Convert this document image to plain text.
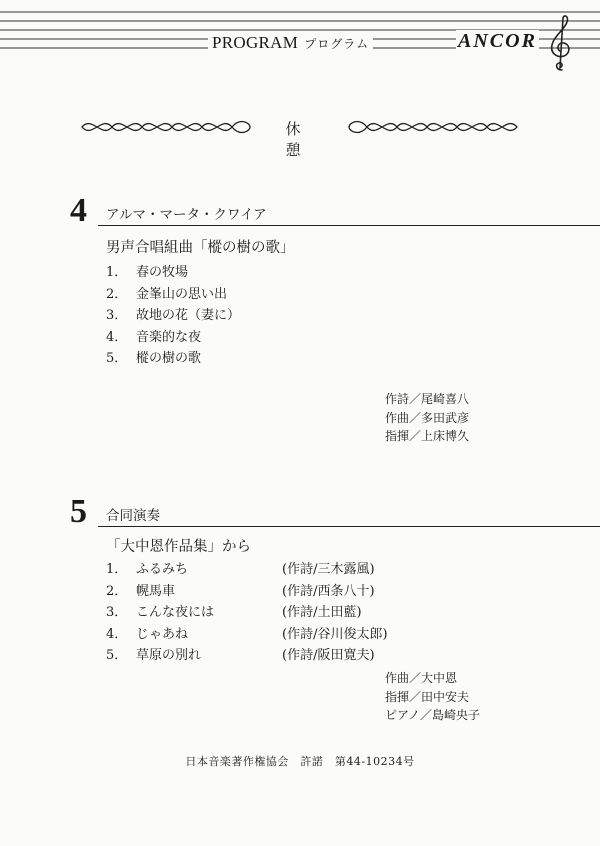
PROGRAM プログラム	ANCOR
休 憩
4 アルマ・マータ・クワイア
男声合唱組曲「樅の樹の歌」
1． 春の牧場
2． 金峯山の思い出
3． 故地の花（妻に）
4． 音楽的な夜
5． 樅の樹の歌
作詩／尾崎喜八
作曲／多田武彦
指揮／上床博久
5 合同演奏
「大中恩作品集」から
1． ふるみち	(作詩/三木露風)
2． 幌馬車	(作詩/西条八十)
3． こんな夜には	(作詩/土田藍)
4． じゃあね	(作詩/谷川俊太郎)
5． 草原の別れ	(作詩/阪田寛夫)
作曲／大中恩
指揮／田中安夫
ピアノ／島崎央子
日本音楽著作権協会　許諾　第44-10234号
